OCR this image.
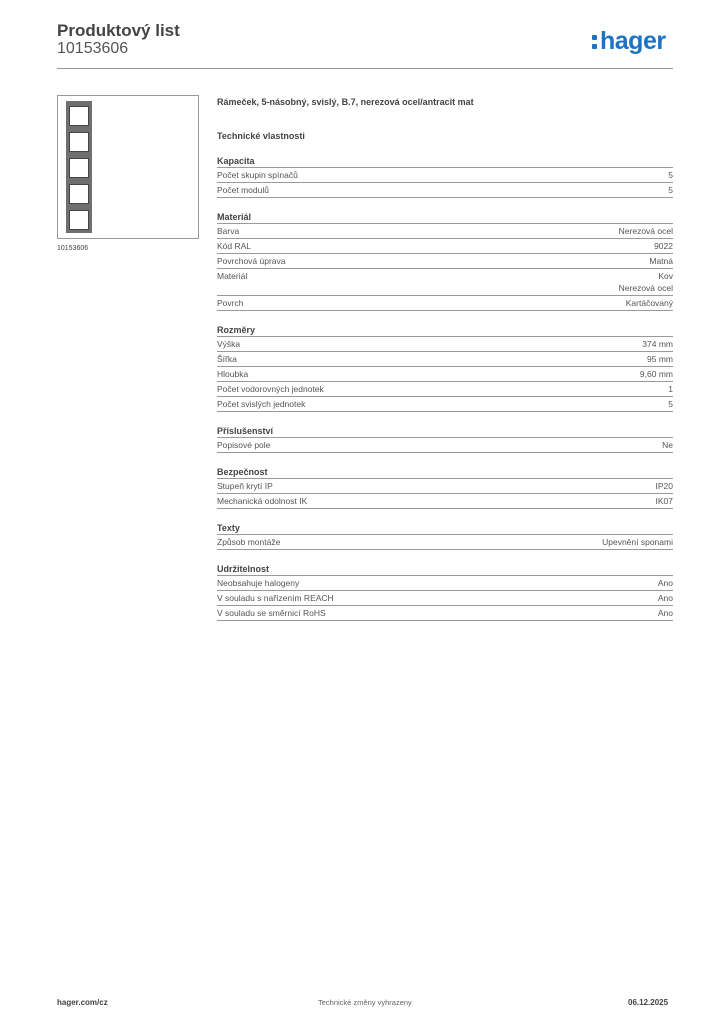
Produktový list
10153606	hager
10153606
Rámeček, 5-násobný, svislý, B.7, nerezová ocel/antracit mat
Technické vlastnosti
Kapacita
Počet skupin spínačů	5
Počet modulů	5
Materiál
Barva	Nerezová ocel
Kód RAL	9022
Povrchová úprava	Matná
Materiál	Kov
Nerezová ocel
Povrch	Kartáčovaný
Rozměry
Výška	374 mm
Šířka	95 mm
Hloubka	9,60 mm
Počet vodorovných jednotek	1
Počet svislých jednotek	5
Příslušenství
Popisové pole	Ne
Bezpečnost
Stupeň krytí IP	IP20
Mechanická odolnost IK	IK07
Texty
Způsob montáže	Upevnění sponami
Udržitelnost
Neobsahuje halogeny	Ano
V souladu s nařízením REACH	Ano
V souladu se směrnicí RoHS	Ano
hager.com/cz	Technické změny vyhrazeny	06.12.2025
